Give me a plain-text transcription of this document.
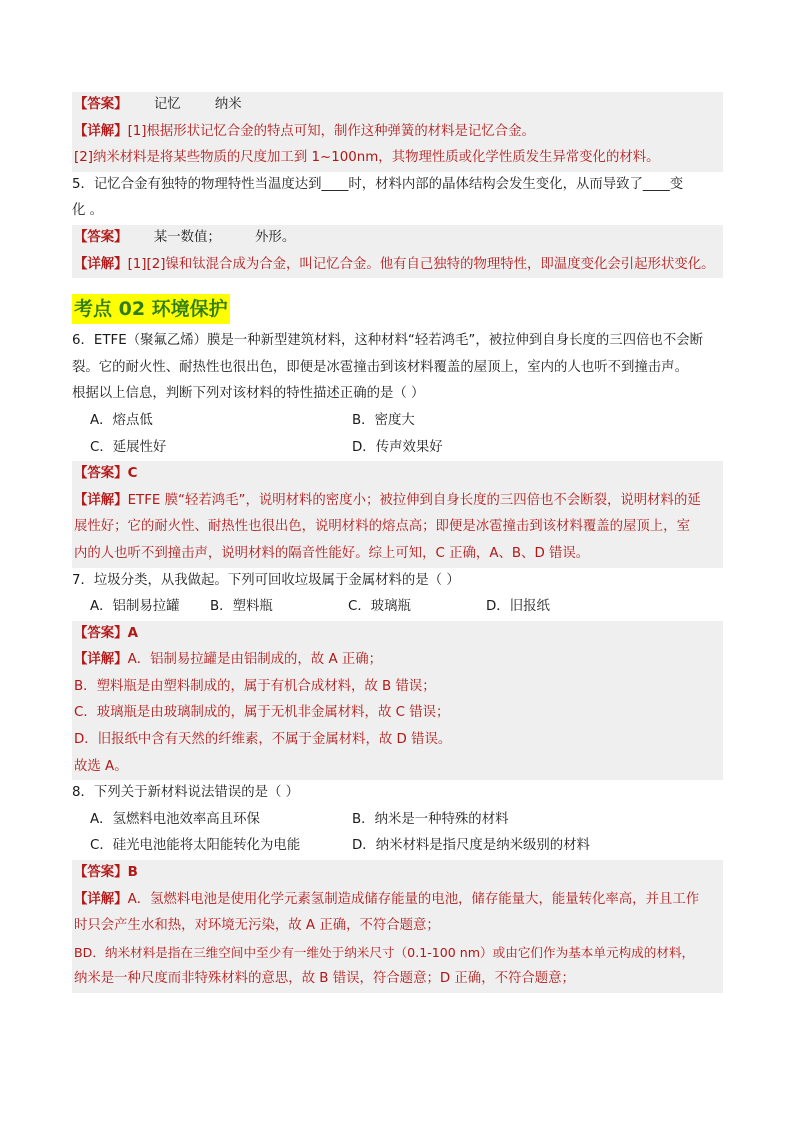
【答案】 记忆	纳米
【详解】[1]根据形状记忆合金的特点可知，制作这种弹簧的材料是记忆合金。
[2]纳米材料是将某些物质的尺度加工到 1~100nm，其物理性质或化学性质发生异常变化的材料。
5．记忆合金有独特的物理特性当温度达到____时，材料内部的晶体结构会发生变化，从而导致了____变
化 。
【答案】 某一数值；	外形。
【详解】[1][2]镍和钛混合成为合金，叫记忆合金。他有自己独特的物理特性，即温度变化会引起形状变化。
考点 02 环境保护
6．ETFE（聚氟乙烯）膜是一种新型建筑材料，这种材料“轻若鸿毛”，被拉伸到自身长度的三四倍也不会断
裂。它的耐火性、耐热性也很出色，即便是冰雹撞击到该材料覆盖的屋顶上，室内的人也听不到撞击声。
根据以上信息，判断下列对该材料的特性描述正确的是（ ）
A．熔点低	B．密度大
C．延展性好	D．传声效果好
【答案】C
【详解】ETFE 膜“轻若鸿毛”，说明材料的密度小；被拉伸到自身长度的三四倍也不会断裂，说明材料的延
展性好；它的耐火性、耐热性也很出色，说明材料的熔点高；即便是冰雹撞击到该材料覆盖的屋顶上，室
内的人也听不到撞击声，说明材料的隔音性能好。综上可知，C 正确，A、B、D 错误。
7．垃圾分类，从我做起。下列可回收垃圾属于金属材料的是（ ）
A．铝制易拉罐	B．塑料瓶	C．玻璃瓶	D．旧报纸
【答案】A
【详解】A．铝制易拉罐是由铝制成的，故 A 正确；
B．塑料瓶是由塑料制成的，属于有机合成材料，故 B 错误；
C．玻璃瓶是由玻璃制成的，属于无机非金属材料，故 C 错误；
D．旧报纸中含有天然的纤维素，不属于金属材料，故 D 错误。
故选 A。
8．下列关于新材料说法错误的是（ ）
A．氢燃料电池效率高且环保	B．纳米是一种特殊的材料
C．硅光电池能将太阳能转化为电能	D．纳米材料是指尺度是纳米级别的材料
【答案】B
【详解】A．氢燃料电池是使用化学元素氢制造成储存能量的电池，储存能量大，能量转化率高，并且工作
时只会产生水和热，对环境无污染，故 A 正确，不符合题意；
BD．纳米材料是指在三维空间中至少有一维处于纳米尺寸（0.1-100 nm）或由它们作为基本单元构成的材料，
纳米是一种尺度而非特殊材料的意思，故 B 错误，符合题意；D 正确，不符合题意；
